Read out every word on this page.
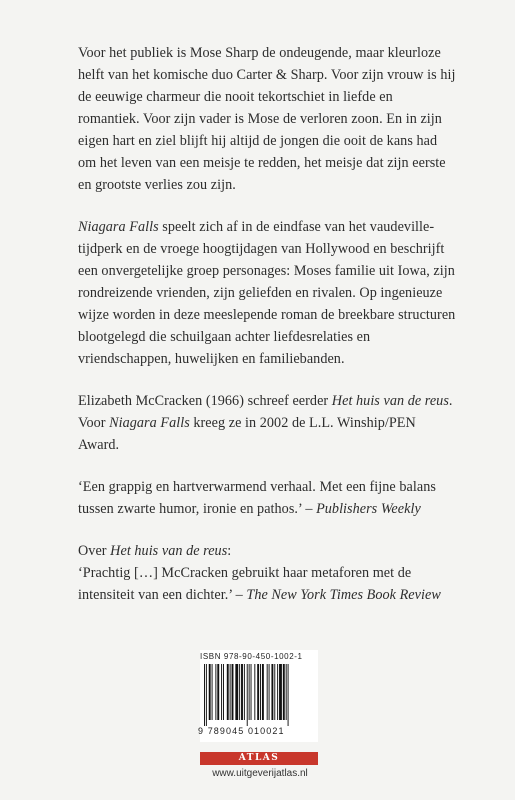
Voor het publiek is Mose Sharp de ondeugende, maar kleurloze helft van het komische duo Carter & Sharp. Voor zijn vrouw is hij de eeuwige charmeur die nooit tekortschiet in liefde en romantiek. Voor zijn vader is Mose de verloren zoon. En in zijn eigen hart en ziel blijft hij altijd de jongen die ooit de kans had om het leven van een meisje te redden, het meisje dat zijn eerste en grootste verlies zou zijn.

Niagara Falls speelt zich af in de eindfase van het vaudeville-tijdperk en de vroege hoogtijdagen van Hollywood en beschrijft een onvergetelijke groep personages: Moses familie uit Iowa, zijn rondreizende vrienden, zijn geliefden en rivalen. Op ingenieuze wijze worden in deze meeslepende roman de breekbare structuren blootgelegd die schuilgaan achter liefdesrelaties en vriendschappen, huwelijken en familiebanden.

Elizabeth McCracken (1966) schreef eerder Het huis van de reus. Voor Niagara Falls kreeg ze in 2002 de L.L. Winship/PEN Award.

‘Een grappig en hartverwarmend verhaal. Met een fijne balans tussen zwarte humor, ironie en pathos.’ – Publishers Weekly

Over Het huis van de reus:

‘Prachtig […] McCracken gebruikt haar metaforen met de intensiteit van een dichter.’ – The New York Times Book Review

ISBN 978-90-450-1002-1
9 789045 010021
ATLAS
www.uitgeverijatlas.nl
